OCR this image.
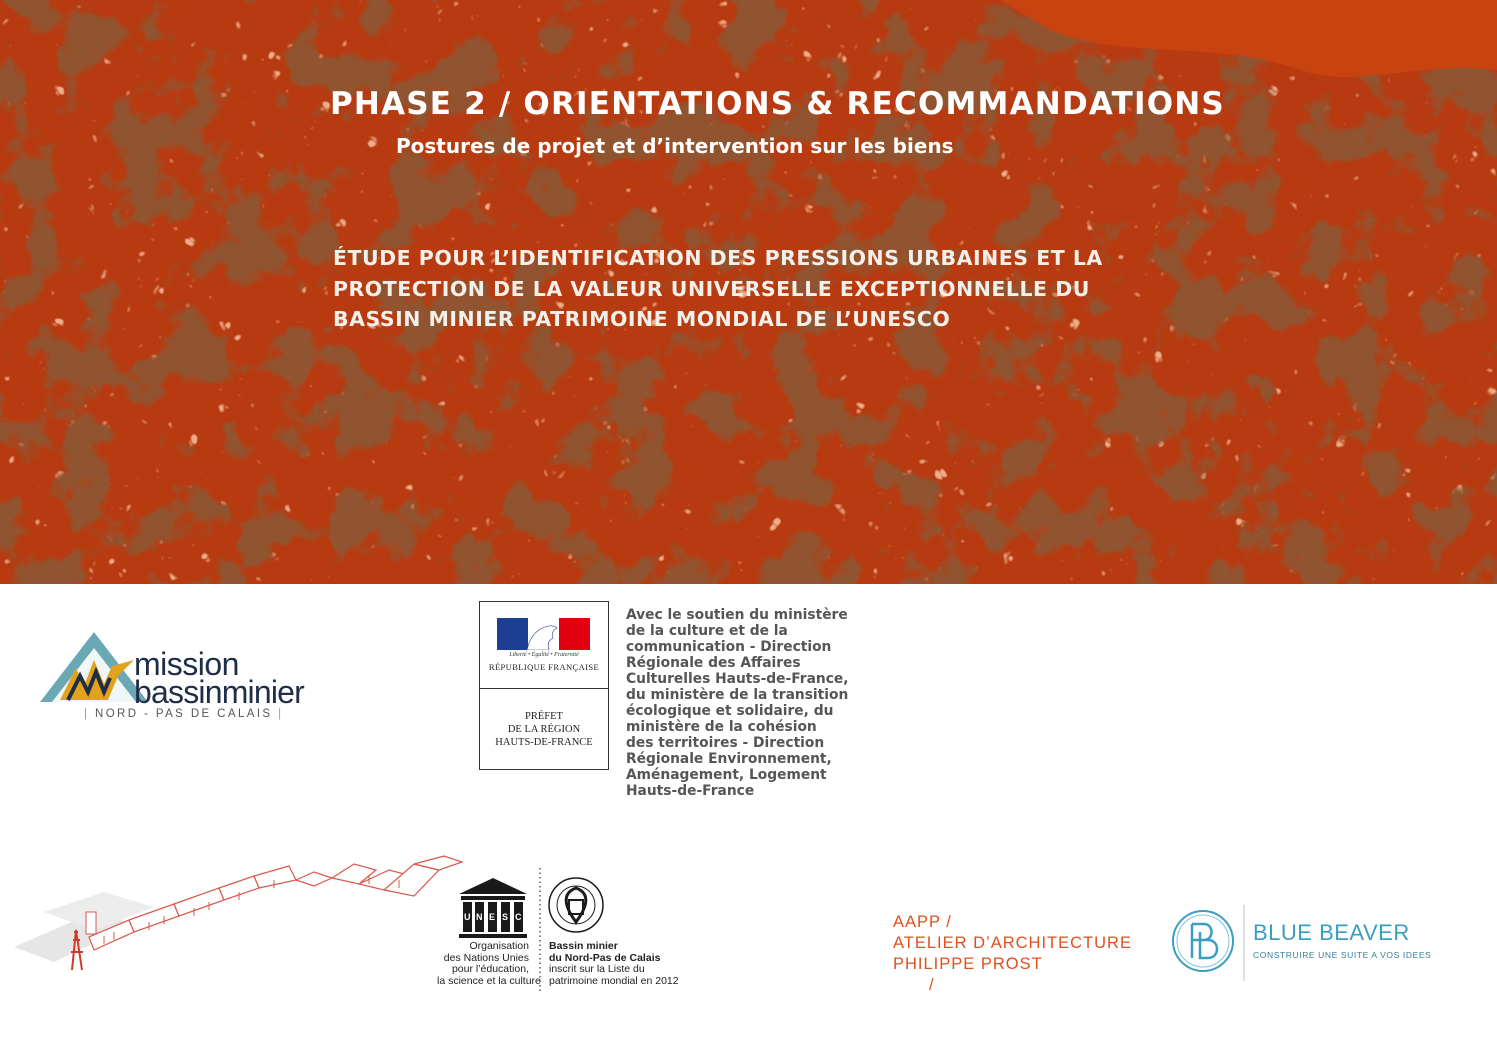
PHASE 2 / ORIENTATIONS & RECOMMANDATIONS
Postures de projet et d’intervention sur les biens
ÉTUDE POUR L’IDENTIFICATION DES PRESSIONS URBAINES ET LA
PROTECTION DE LA VALEUR UNIVERSELLE EXCEPTIONNELLE DU
BASSIN MINIER PATRIMOINE MONDIAL DE L’UNESCO
mission
bassinminier
| NORD - PAS DE CALAIS |
Liberté • Égalité • Fraternité
RÉPUBLIQUE FRANÇAISE
PRÉFET
DE LA RÉGION
HAUTS-DE-FRANCE
Avec le soutien du ministère
de la culture et de la
communication - Direction
Régionale des Affaires
Culturelles Hauts-de-France,
du ministère de la transition
écologique et solidaire, du
ministère de la cohésion
des territoires - Direction
Régionale Environnement,
Aménagement, Logement
Hauts-de-France
U N E S C
Organisation
des Nations Unies
pour l’éducation,
la science et la culture
Bassin minier
du Nord-Pas de Calais
inscrit sur la Liste du
patrimoine mondial en 2012
AAPP /
ATELIER D’ARCHITECTURE
PHILIPPE PROST
/
BLUE BEAVER
CONSTRUIRE UNE SUITE A VOS IDEES
